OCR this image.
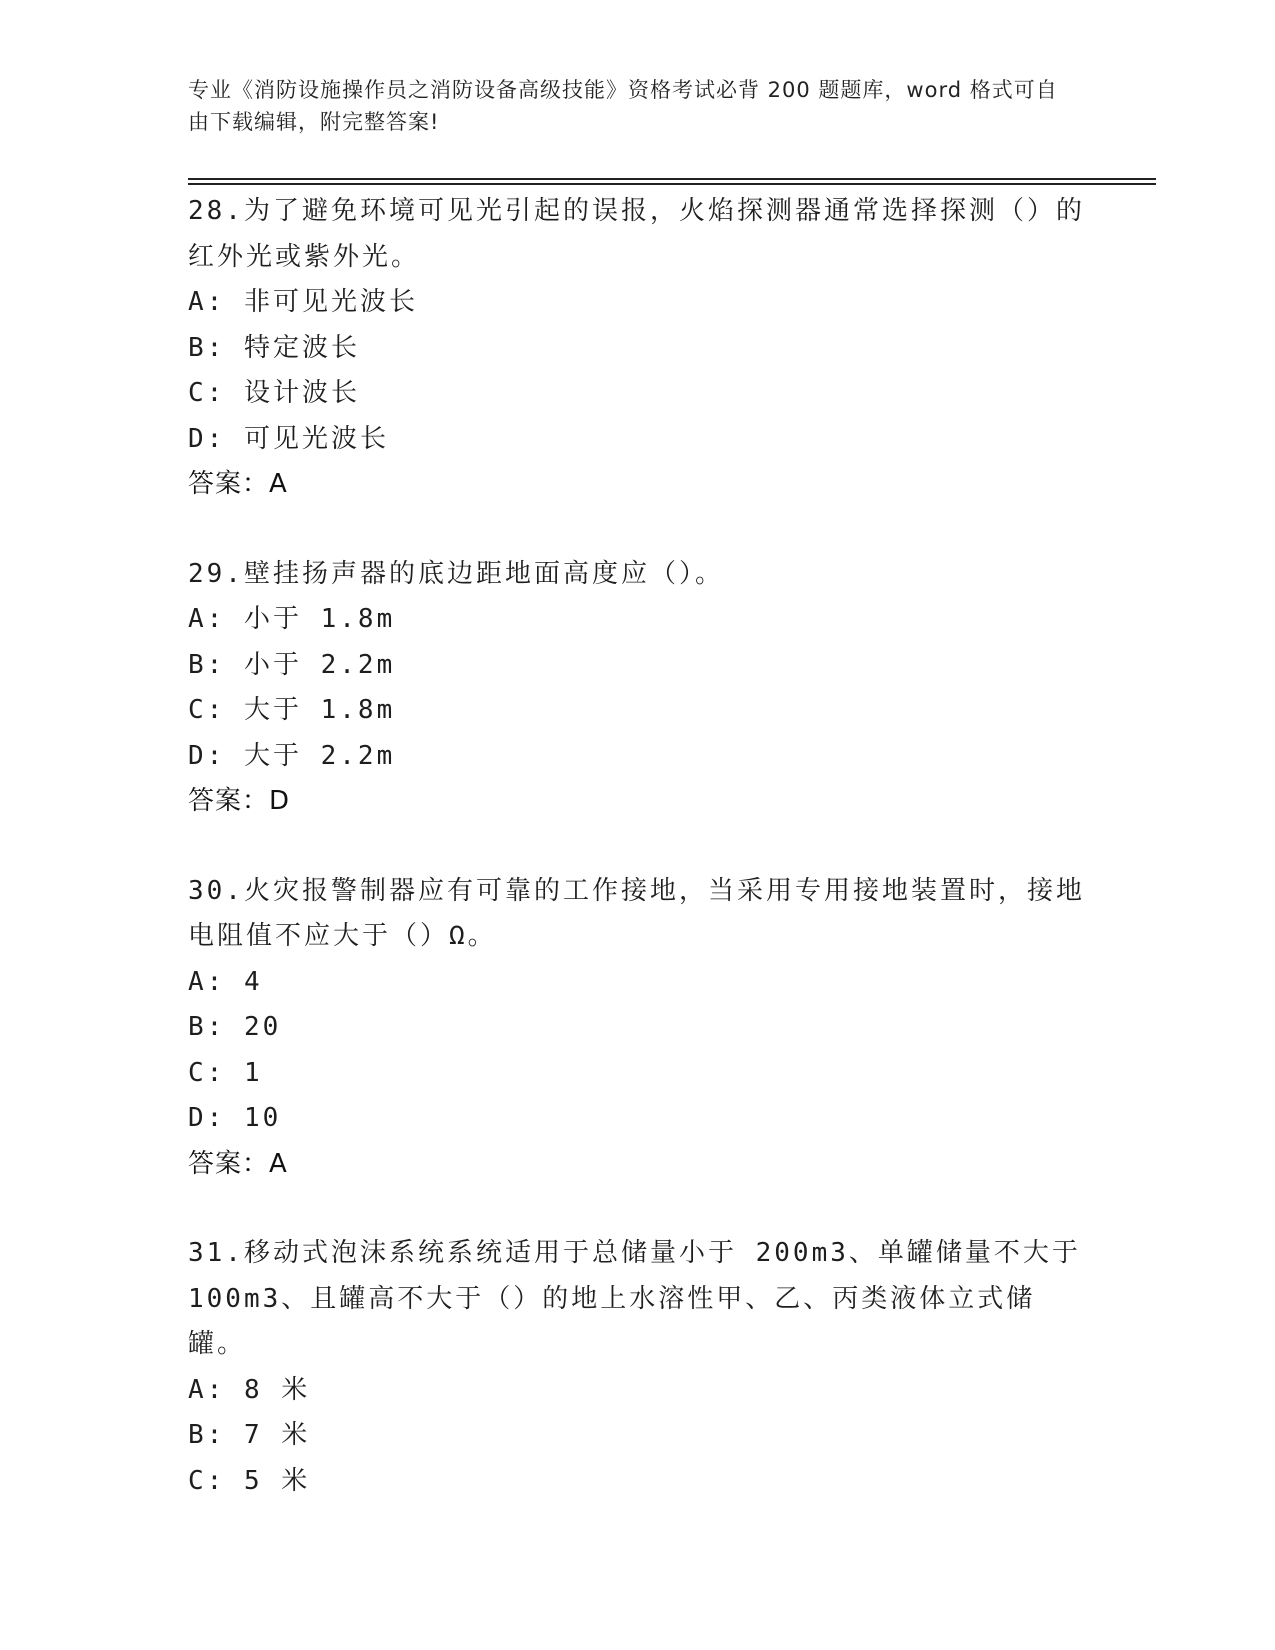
专业《消防设施操作员之消防设备高级技能》资格考试必背 200 题题库，word 格式可自由下载编辑，附完整答案!

28.为了避免环境可见光引起的误报，火焰探测器通常选择探测（）的红外光或紫外光。

A: 非可见光波长

B: 特定波长

C: 设计波长

D: 可见光波长

答案：A

29.壁挂扬声器的底边距地面高度应（）。

A: 小于 1.8m

B: 小于 2.2m

C: 大于 1.8m

D: 大于 2.2m

答案：D

30.火灾报警制器应有可靠的工作接地，当采用专用接地装置时，接地电阻值不应大于（）Ω。

A: 4

B: 20

C: 1

D: 10

答案：A

31.移动式泡沫系统系统适用于总储量小于 200m3、单罐储量不大于 100m3、且罐高不大于（）的地上水溶性甲、乙、丙类液体立式储罐。

A: 8 米

B: 7 米

C: 5 米
